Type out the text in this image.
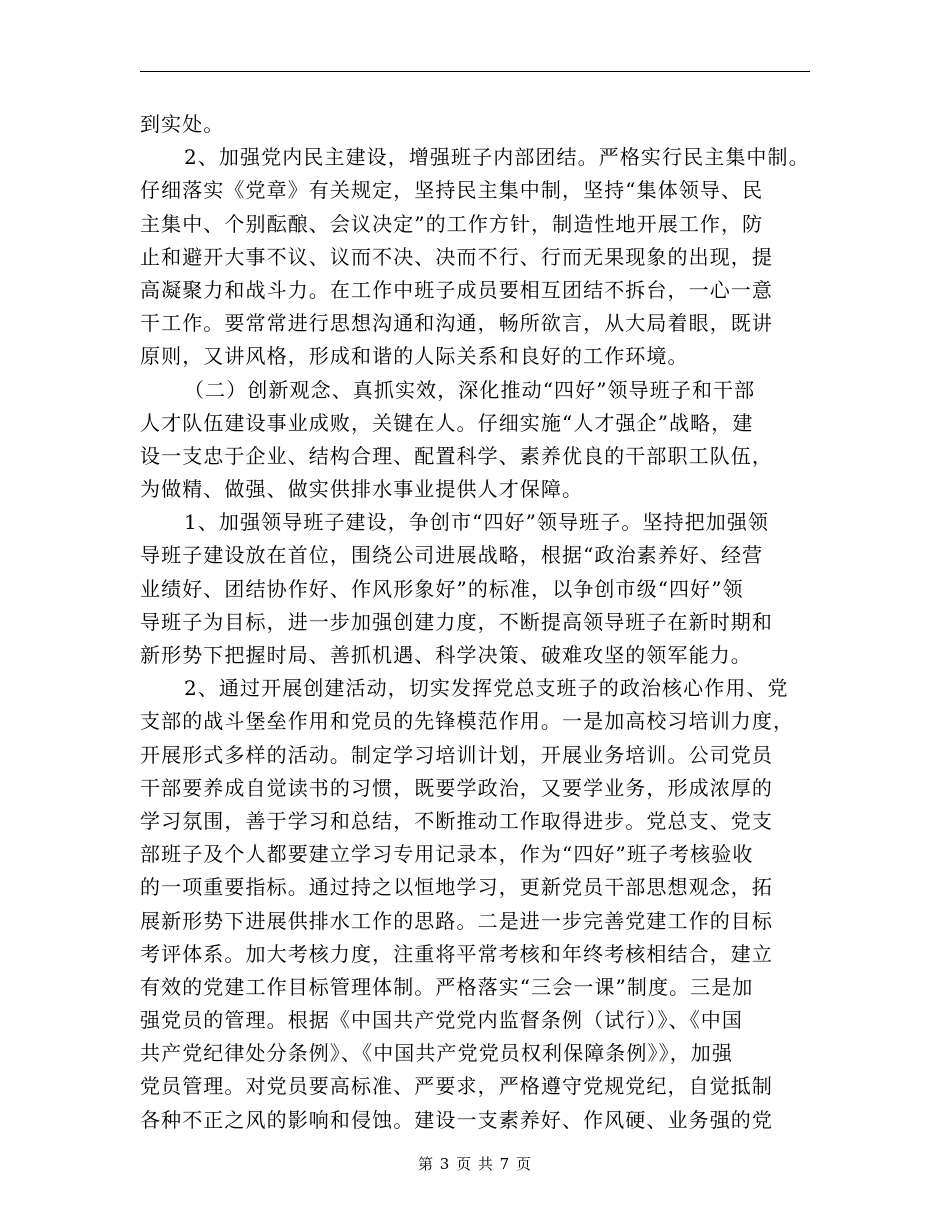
到实处。
2、加强党内民主建设，增强班子内部团结。严格实行民主集中制。
仔细落实《党章》有关规定，坚持民主集中制，坚持“集体领导、民
主集中、个别酝酿、会议决定”的工作方针，制造性地开展工作，防
止和避开大事不议、议而不决、决而不行、行而无果现象的出现，提
高凝聚力和战斗力。在工作中班子成员要相互团结不拆台，一心一意
干工作。要常常进行思想沟通和沟通，畅所欲言，从大局着眼，既讲
原则，又讲风格，形成和谐的人际关系和良好的工作环境。
（二）创新观念、真抓实效，深化推动“四好”领导班子和干部
人才队伍建设事业成败，关键在人。仔细实施“人才强企”战略，建
设一支忠于企业、结构合理、配置科学、素养优良的干部职工队伍，
为做精、做强、做实供排水事业提供人才保障。
1、加强领导班子建设，争创市“四好”领导班子。坚持把加强领
导班子建设放在首位，围绕公司进展战略，根据“政治素养好、经营
业绩好、团结协作好、作风形象好”的标准，以争创市级“四好”领
导班子为目标，进一步加强创建力度，不断提高领导班子在新时期和
新形势下把握时局、善抓机遇、科学决策、破难攻坚的领军能力。
2、通过开展创建活动，切实发挥党总支班子的政治核心作用、党
支部的战斗堡垒作用和党员的先锋模范作用。一是加高校习培训力度，
开展形式多样的活动。制定学习培训计划，开展业务培训。公司党员
干部要养成自觉读书的习惯，既要学政治，又要学业务，形成浓厚的
学习氛围，善于学习和总结，不断推动工作取得进步。党总支、党支
部班子及个人都要建立学习专用记录本，作为“四好”班子考核验收
的一项重要指标。通过持之以恒地学习，更新党员干部思想观念，拓
展新形势下进展供排水工作的思路。二是进一步完善党建工作的目标
考评体系。加大考核力度，注重将平常考核和年终考核相结合，建立
有效的党建工作目标管理体制。严格落实“三会一课”制度。三是加
强党员的管理。根据《中国共产党党内监督条例（试行）》、《中国
共产党纪律处分条例》、《中国共产党党员权利保障条例》》，加强
党员管理。对党员要高标准、严要求，严格遵守党规党纪，自觉抵制
各种不正之风的影响和侵蚀。建设一支素养好、作风硬、业务强的党
第 3 页 共 7 页
